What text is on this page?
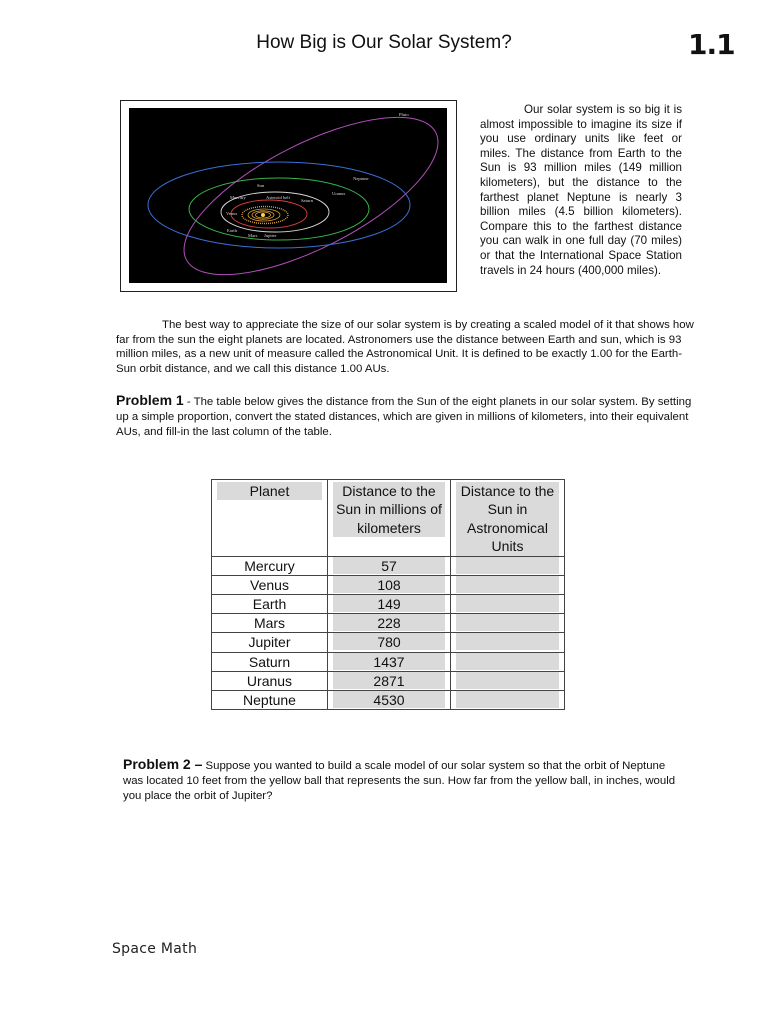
How Big is Our Solar System?	1.1
Pluto
Neptune
Sun
Uranus
Mercury	Asteroid belt
Saturn
Venus
Earth
Mars Jupiter
Our solar system is so big it is almost impossible to imagine its size if you use ordinary units like feet or miles. The distance from Earth to the Sun is 93 million miles (149 million kilometers), but the distance to the farthest planet Neptune is nearly 3 billion miles (4.5 billion kilometers). Compare this to the farthest distance you can walk in one full day (70 miles) or that the International Space Station travels in 24 hours (400,000 miles).
The best way to appreciate the size of our solar system is by creating a scaled model of it that shows how far from the sun the eight planets are located. Astronomers use the distance between Earth and sun, which is 93 million miles, as a new unit of measure called the Astronomical Unit. It is defined to be exactly 1.00 for the Earth-Sun orbit distance, and we call this distance 1.00 AUs.
Problem 1 - The table below gives the distance from the Sun of the eight planets in our solar system. By setting up a simple proportion, convert the stated distances, which are given in millions of kilometers, into their equivalent AUs, and fill-in the last column of the table.
Planet	Distance to the Sun in millions of kilometers	Distance to the Sun in Astronomical Units

Mercury	57	

Venus	108	

Earth	149	

Mars	228	

Jupiter	780	

Saturn	1437	

Uranus	2871	

Neptune	4530	

Problem 2 – Suppose you wanted to build a scale model of our solar system so that the orbit of Neptune was located 10 feet from the yellow ball that represents the sun. How far from the yellow ball, in inches, would you place the orbit of Jupiter?
Space Math
